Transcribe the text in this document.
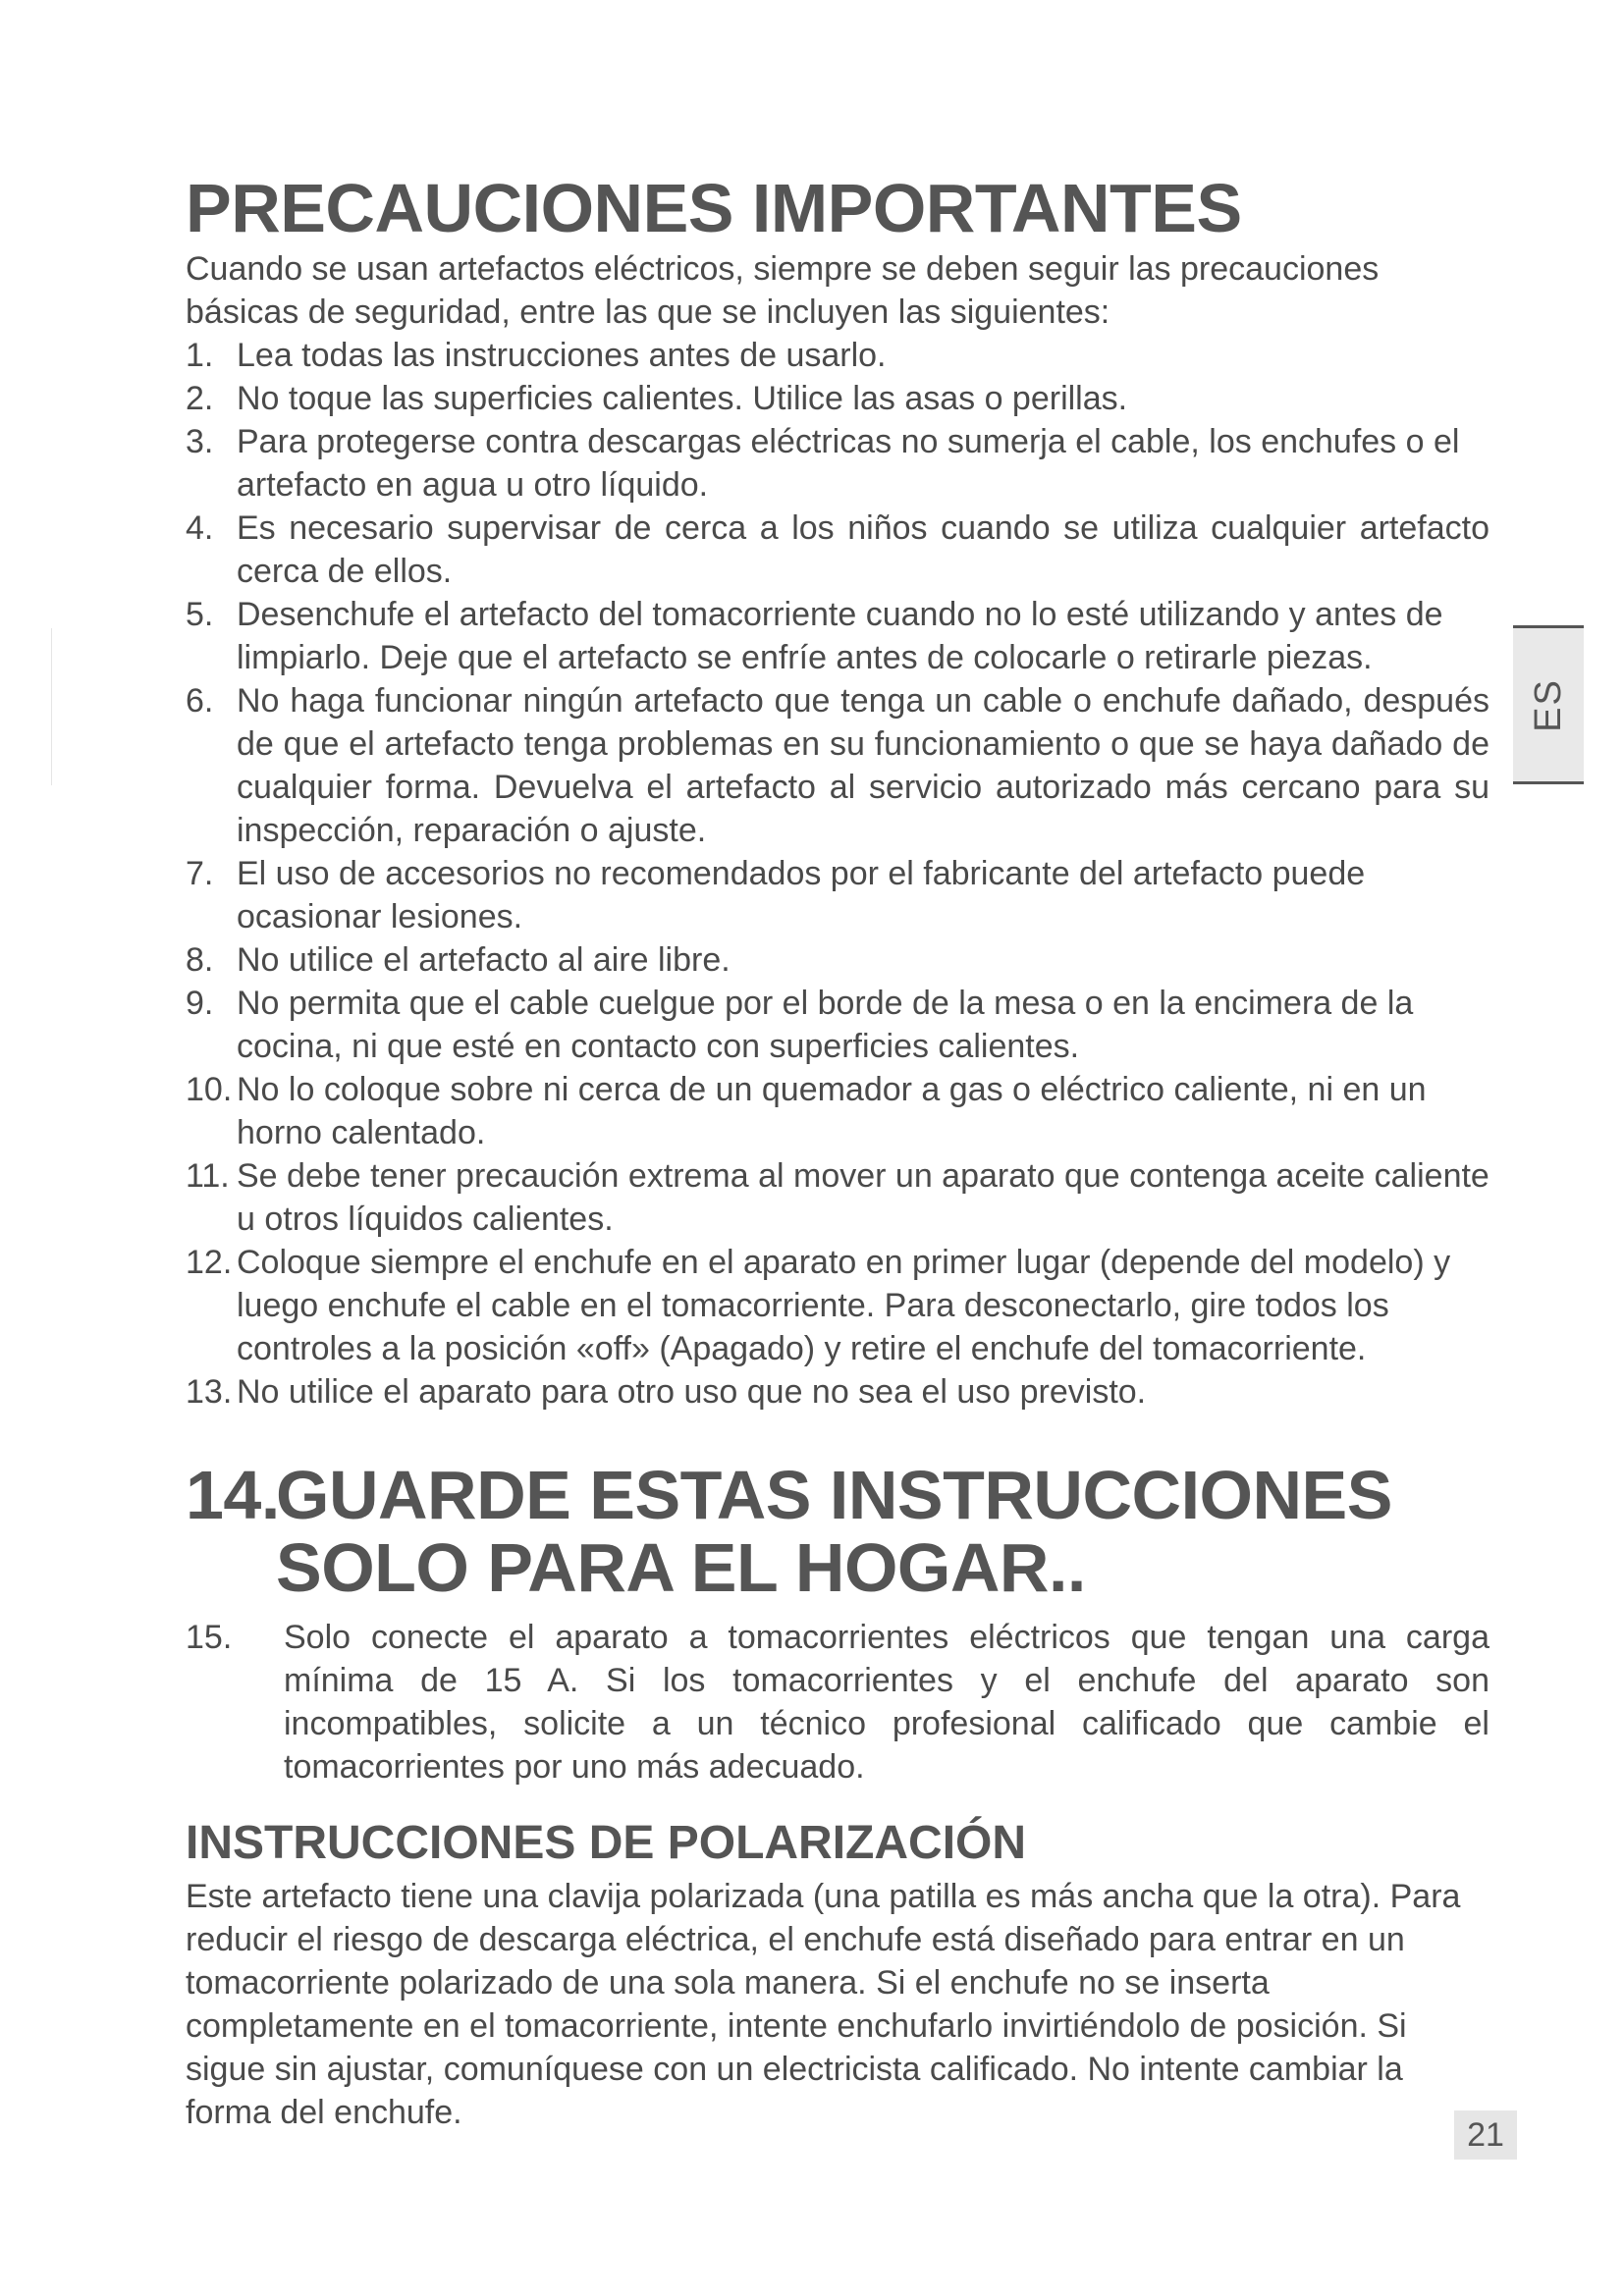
PRECAUCIONES IMPORTANTES

Cuando se usan artefactos eléctricos, siempre se deben seguir las precauciones básicas de seguridad, entre las que se incluyen las siguientes:

1. Lea todas las instrucciones antes de usarlo.
2. No toque las superficies calientes. Utilice las asas o perillas.
3. Para protegerse contra descargas eléctricas no sumerja el cable, los enchufes o el artefacto en agua u otro líquido.
4. Es necesario supervisar de cerca a los niños cuando se utiliza cualquier artefacto cerca de ellos.
5. Desenchufe el artefacto del tomacorriente cuando no lo esté utilizando y antes de limpiarlo. Deje que el artefacto se enfríe antes de colocarle o retirarle piezas.
6. No haga funcionar ningún artefacto que tenga un cable o enchufe dañado, después de que el artefacto tenga problemas en su funcionamiento o que se haya dañado de cualquier forma. Devuelva el artefacto al servicio autorizado más cercano para su inspección, reparación o ajuste.
7. El uso de accesorios no recomendados por el fabricante del artefacto puede ocasionar lesiones.
8. No utilice el artefacto al aire libre.
9. No permita que el cable cuelgue por el borde de la mesa o en la encimera de la cocina, ni que esté en contacto con superficies calientes.
10. No lo coloque sobre ni cerca de un quemador a gas o eléctrico caliente, ni en un horno calentado.
11. Se debe tener precaución extrema al mover un aparato que contenga aceite caliente u otros líquidos calientes.
12. Coloque siempre el enchufe en el aparato en primer lugar (depende del modelo) y luego enchufe el cable en el tomacorriente. Para desconectarlo, gire todos los controles a la posición «off» (Apagado) y retire el enchufe del tomacorriente.
13. No utilice el aparato para otro uso que no sea el uso previsto.
14.
GUARDE ESTAS INSTRUCCIONES SOLO PARA EL HOGAR..
15.	Solo conecte el aparato a tomacorrientes eléctricos que tengan una carga mínima de 15 A. Si los tomacorrientes y el enchufe del aparato son incompatibles, solicite a un técnico profesional calificado que cambie el tomacorrientes por uno más adecuado.
INSTRUCCIONES DE POLARIZACIÓN

Este artefacto tiene una clavija polarizada (una patilla es más ancha que la otra). Para reducir el riesgo de descarga eléctrica, el enchufe está diseñado para entrar en un tomacorriente polarizado de una sola manera. Si el enchufe no se inserta completamente en el tomacorriente, intente enchufarlo invirtiéndolo de posición. Si sigue sin ajustar, comuníquese con un electricista calificado. No intente cambiar la forma del enchufe.

ES
21
